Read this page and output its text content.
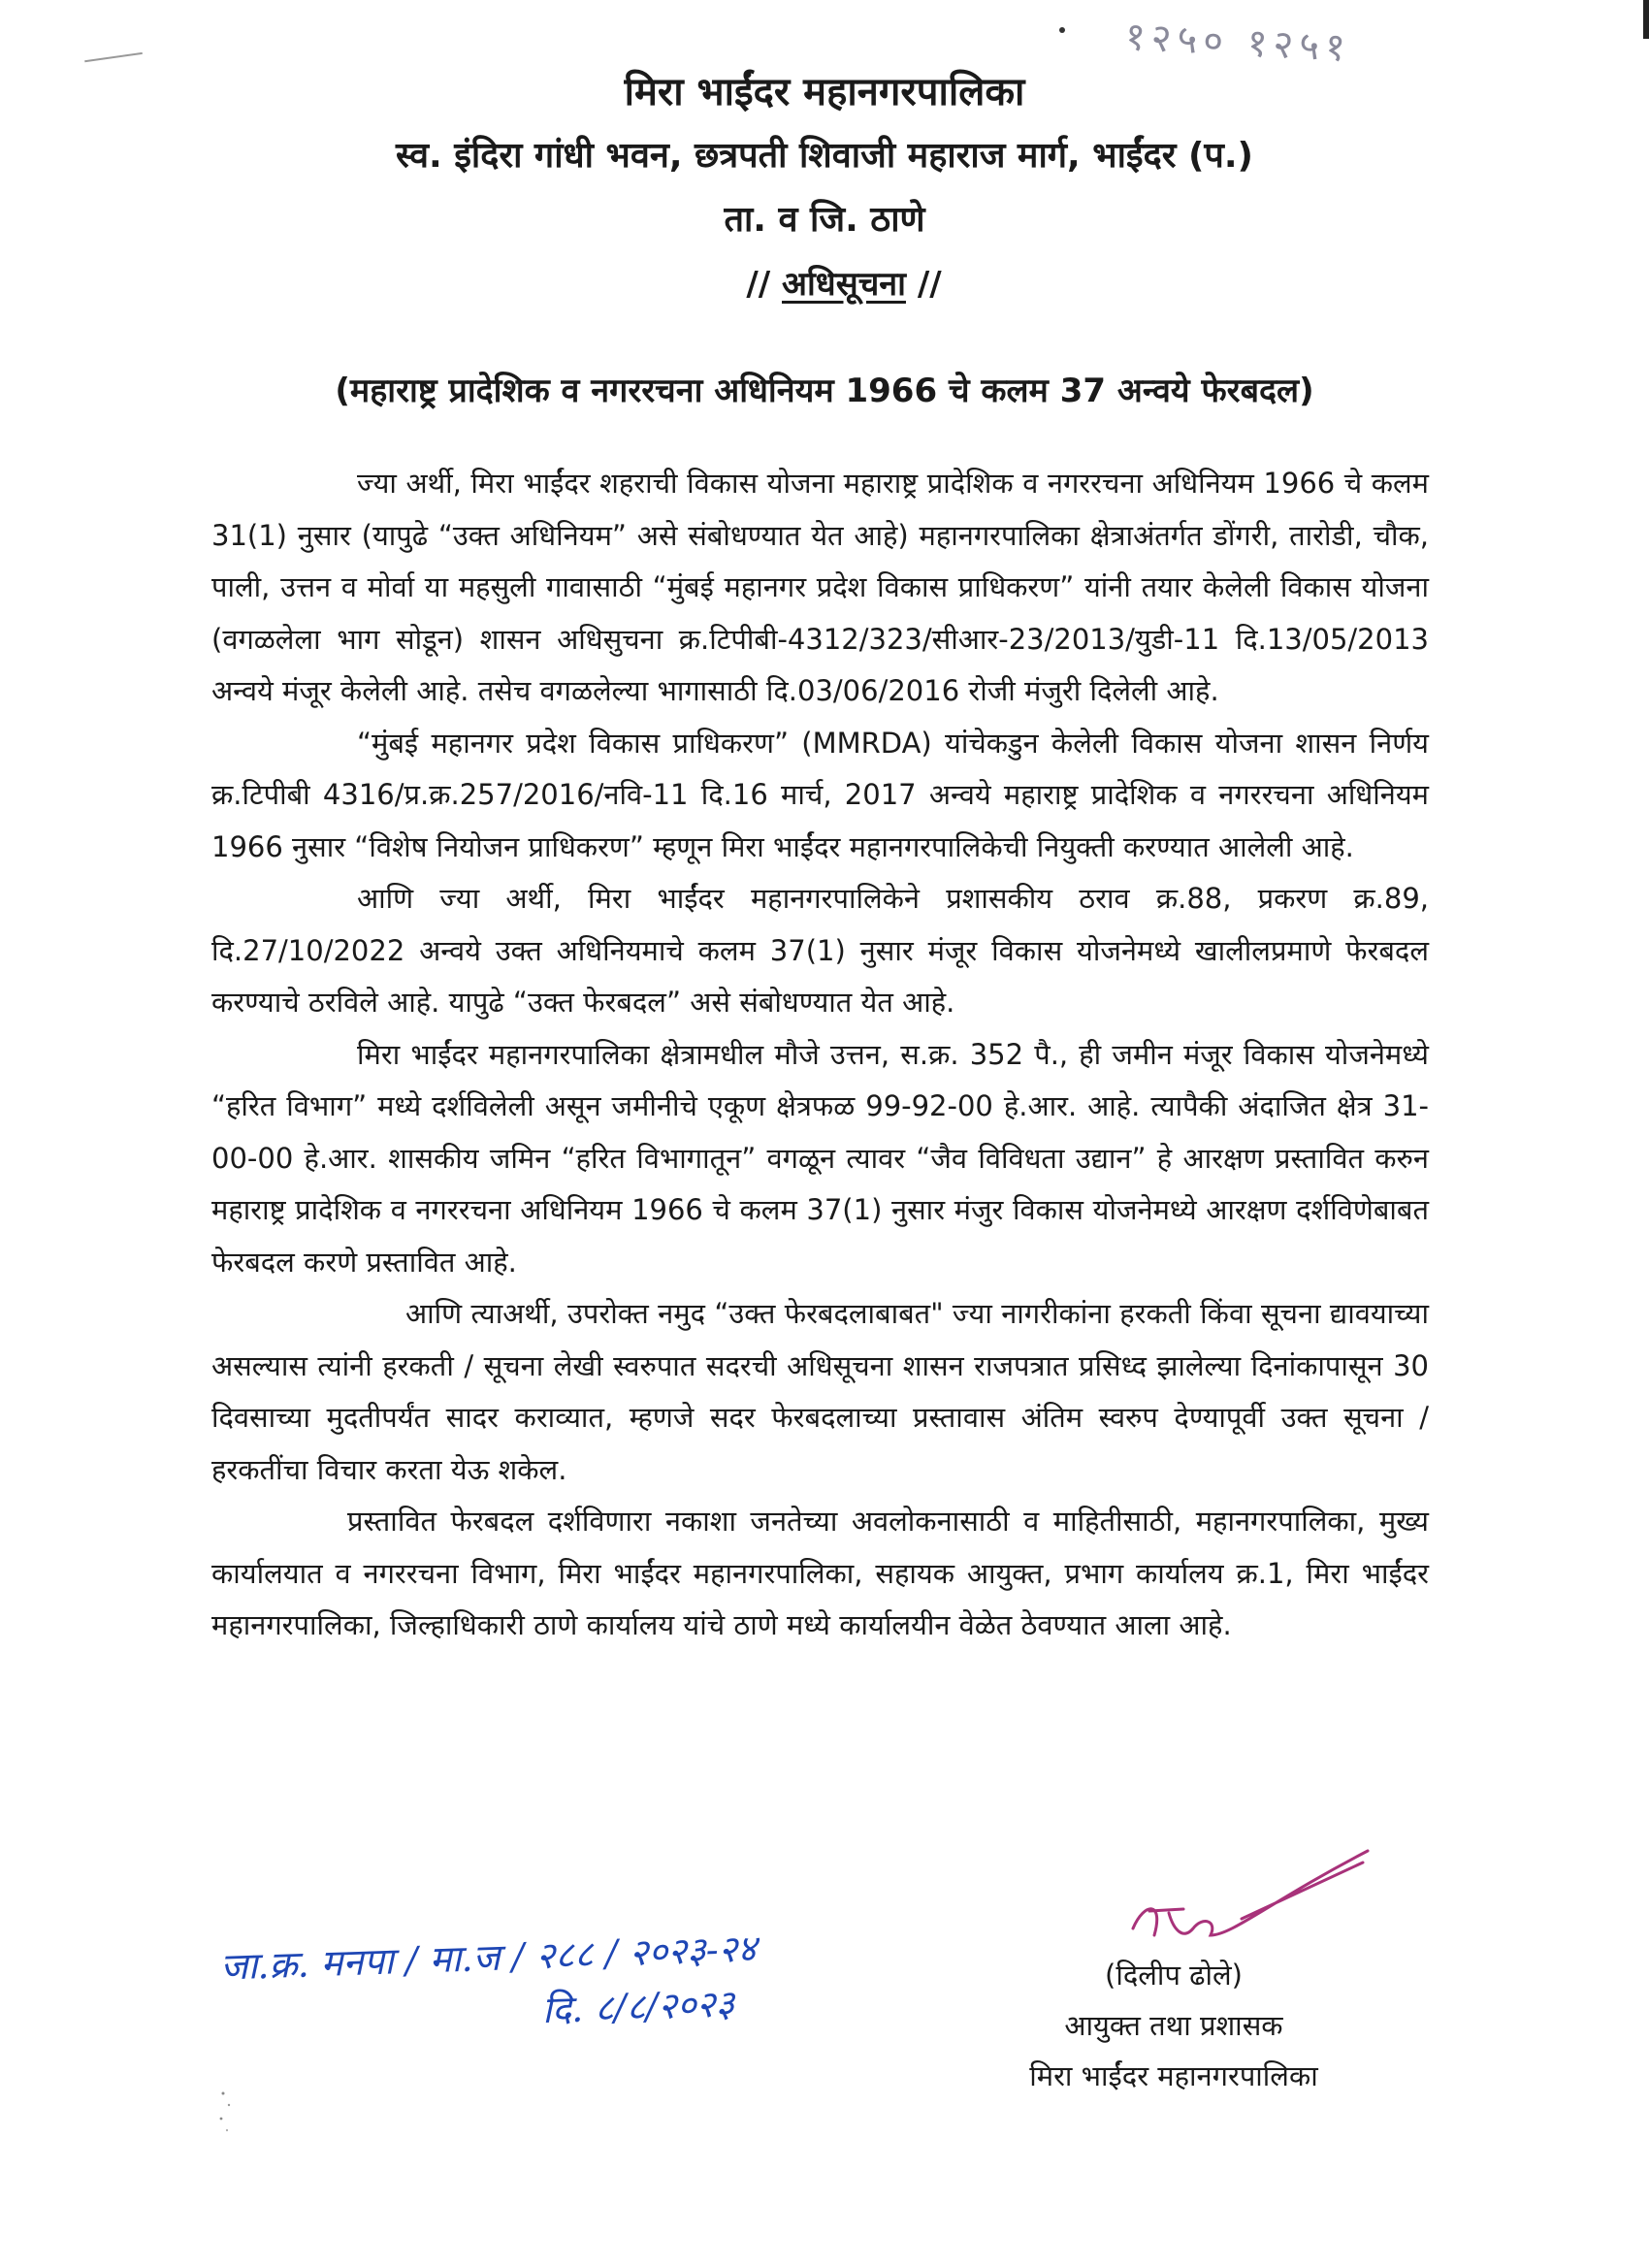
१२५० १२५१
मिरा भाईंदर महानगरपालिका
स्व. इंदिरा गांधी भवन, छत्रपती शिवाजी महाराज मार्ग, भाईंदर (प.)
ता. व जि. ठाणे
// अधिसूचना //
(महाराष्ट्र प्रादेशिक व नगररचना अधिनियम 1966 चे कलम 37 अन्वये फेरबदल)

ज्या अर्थी, मिरा भाईंदर शहराची विकास योजना महाराष्ट्र प्रादेशिक व नगररचना अधिनियम 1966 चे कलम 31(1) नुसार (यापुढे “उक्त अधिनियम” असे संबोधण्यात येत आहे) महानगरपालिका क्षेत्राअंतर्गत डोंगरी, तारोडी, चौक, पाली, उत्तन व मोर्वा या महसुली गावासाठी “मुंबई महानगर प्रदेश विकास प्राधिकरण” यांनी तयार केलेली विकास योजना (वगळलेला भाग सोडून) शासन अधिसुचना क्र.टिपीबी-4312/323/सीआर-23/2013/युडी-11 दि.13/05/2013 अन्वये मंजूर केलेली आहे. तसेच वगळलेल्या भागासाठी दि.03/06/2016 रोजी मंजुरी दिलेली आहे.

“मुंबई महानगर प्रदेश विकास प्राधिकरण” (MMRDA) यांचेकडुन केलेली विकास योजना शासन निर्णय क्र.टिपीबी 4316/प्र.क्र.257/2016/नवि-11 दि.16 मार्च, 2017 अन्वये महाराष्ट्र प्रादेशिक व नगररचना अधिनियम 1966 नुसार “विशेष नियोजन प्राधिकरण” म्हणून मिरा भाईंदर महानगरपालिकेची नियुक्ती करण्यात आलेली आहे.

आणि ज्या अर्थी, मिरा भाईंदर महानगरपालिकेने प्रशासकीय ठराव क्र.88, प्रकरण क्र.89, दि.27/10/2022 अन्वये उक्त अधिनियमाचे कलम 37(1) नुसार मंजूर विकास योजनेमध्ये खालीलप्रमाणे फेरबदल करण्याचे ठरविले आहे. यापुढे “उक्त फेरबदल” असे संबोधण्यात येत आहे.

मिरा भाईंदर महानगरपालिका क्षेत्रामधील मौजे उत्तन, स.क्र. 352 पै., ही जमीन मंजूर विकास योजनेमध्ये “हरित विभाग” मध्ये दर्शविलेली असून जमीनीचे एकूण क्षेत्रफळ 99-92-00 हे.आर. आहे. त्यापैकी अंदाजित क्षेत्र 31-00-00 हे.आर. शासकीय जमिन “हरित विभागातून” वगळून त्यावर “जैव विविधता उद्यान” हे आरक्षण प्रस्तावित करुन महाराष्ट्र प्रादेशिक व नगररचना अधिनियम 1966 चे कलम 37(1) नुसार मंजुर विकास योजनेमध्ये आरक्षण दर्शविणेबाबत फेरबदल करणे प्रस्तावित आहे.

आणि त्याअर्थी, उपरोक्त नमुद “उक्त फेरबदलाबाबत" ज्या नागरीकांना हरकती किंवा सूचना द्यावयाच्या असल्यास त्यांनी हरकती / सूचना लेखी स्वरुपात सदरची अधिसूचना शासन राजपत्रात प्रसिध्द झालेल्या दिनांकापासून 30 दिवसाच्या मुदतीपर्यंत सादर कराव्यात, म्हणजे सदर फेरबदलाच्या प्रस्तावास अंतिम स्वरुप देण्यापूर्वी उक्त सूचना / हरकतींचा विचार करता येऊ शकेल.

प्रस्तावित फेरबदल दर्शविणारा नकाशा जनतेच्या अवलोकनासाठी व माहितीसाठी, महानगरपालिका, मुख्य कार्यालयात व नगररचना विभाग, मिरा भाईंदर महानगरपालिका, सहायक आयुक्त, प्रभाग कार्यालय क्र.1, मिरा भाईंदर महानगरपालिका, जिल्हाधिकारी ठाणे कार्यालय यांचे ठाणे मध्ये कार्यालयीन वेळेत ठेवण्यात आला आहे.

(दिलीप ढोले)
आयुक्त तथा प्रशासक
मिरा भाईंदर महानगरपालिका
जा.क्र. मनपा / मा.ज / २८८ / २०२३-२४
दि. ८/८/२०२३
